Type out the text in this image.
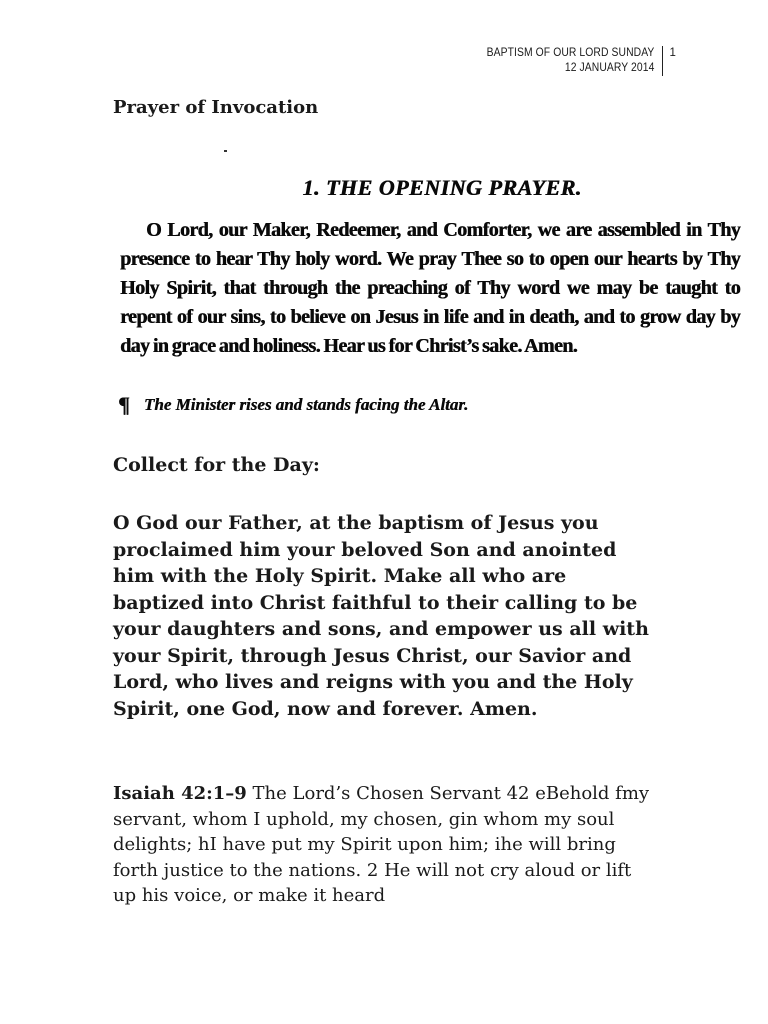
BAPTISM OF OUR LORD SUNDAY
12 JANUARY 2014
1
Prayer of Invocation
1. THE OPENING PRAYER.

O Lord, our Maker, Redeemer, and Comforter, we are assembled in Thy presence to hear Thy holy word. We pray Thee so to open our hearts by Thy Holy Spirit, that through the preaching of Thy word we may be taught to repent of our sins, to believe on Jesus in life and in death, and to grow day by day in grace and holiness. Hear us for Christ’s sake. Amen.

¶ The Minister rises and stands facing the Altar.
Collect for the Day:

O God our Father, at the baptism of Jesus you proclaimed him your beloved Son and anointed him with the Holy Spirit. Make all who are baptized into Christ faithful to their calling to be your daughters and sons, and empower us all with your Spirit, through Jesus Christ, our Savior and Lord, who lives and reigns with you and the Holy Spirit, one God, now and forever. Amen.

Isaiah 42:1–9 The Lord’s Chosen Servant 42 eBehold fmy servant, whom I uphold, my chosen, gin whom my soul delights; hI have put my Spirit upon him; ihe will bring forth justice to the nations. 2 He will not cry aloud or lift up his voice, or make it heard
